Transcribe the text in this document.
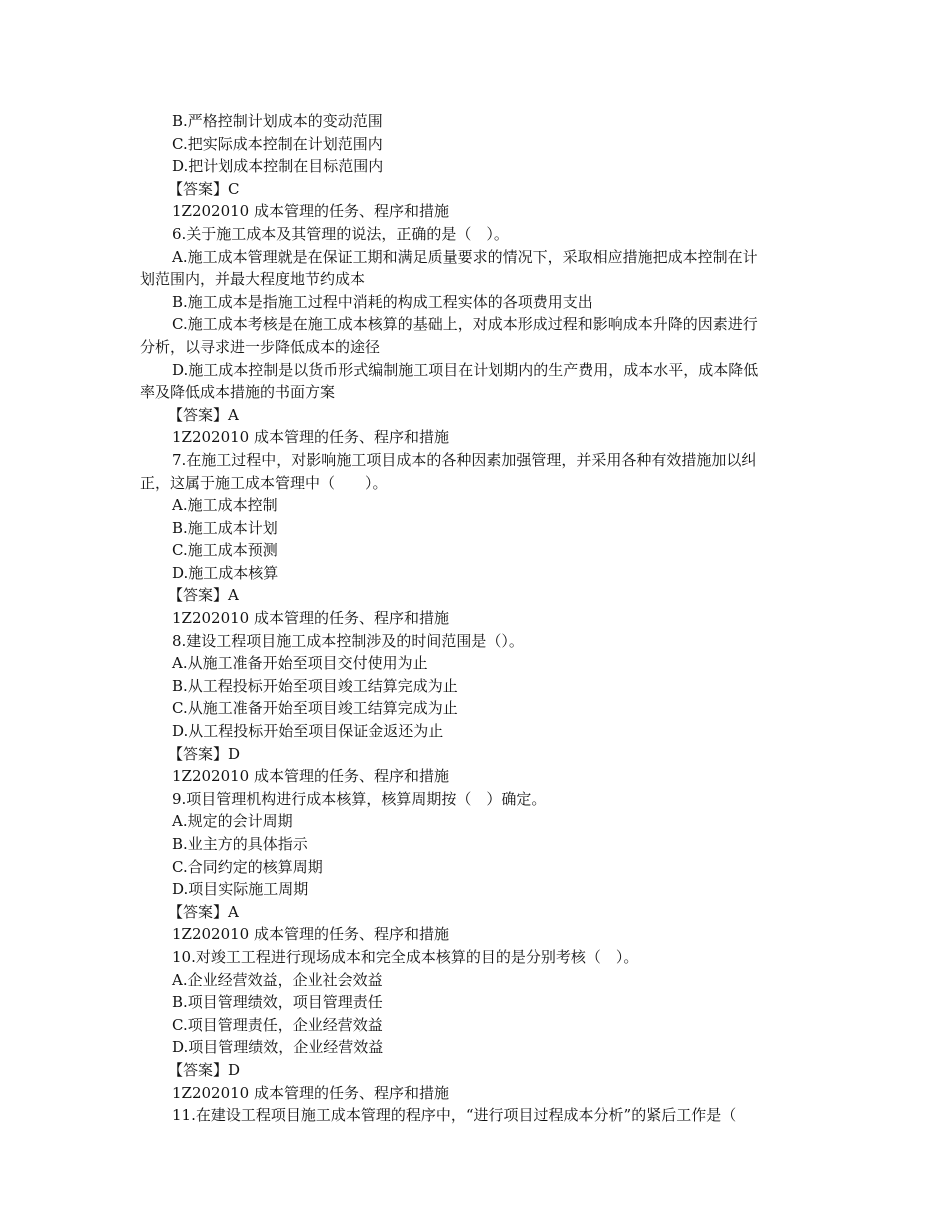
B.严格控制计划成本的变动范围
C.把实际成本控制在计划范围内
D.把计划成本控制在目标范围内
【答案】C
1Z202010 成本管理的任务、程序和措施
6.关于施工成本及其管理的说法，正确的是（　）。
A.施工成本管理就是在保证工期和满足质量要求的情况下，采取相应措施把成本控制在计
划范围内，并最大程度地节约成本
B.施工成本是指施工过程中消耗的构成工程实体的各项费用支出
C.施工成本考核是在施工成本核算的基础上，对成本形成过程和影响成本升降的因素进行
分析，以寻求进一步降低成本的途径
D.施工成本控制是以货币形式编制施工项目在计划期内的生产费用，成本水平，成本降低
率及降低成本措施的书面方案
【答案】A
1Z202010 成本管理的任务、程序和措施
7.在施工过程中，对影响施工项目成本的各种因素加强管理，并采用各种有效措施加以纠
正，这属于施工成本管理中（　　）。
A.施工成本控制
B.施工成本计划
C.施工成本预测
D.施工成本核算
【答案】A
1Z202010 成本管理的任务、程序和措施
8.建设工程项目施工成本控制涉及的时间范围是（）。
A.从施工准备开始至项目交付使用为止
B.从工程投标开始至项目竣工结算完成为止
C.从施工准备开始至项目竣工结算完成为止
D.从工程投标开始至项目保证金返还为止
【答案】D
1Z202010 成本管理的任务、程序和措施
9.项目管理机构进行成本核算，核算周期按（　）确定。
A.规定的会计周期
B.业主方的具体指示
C.合同约定的核算周期
D.项目实际施工周期
【答案】A
1Z202010 成本管理的任务、程序和措施
10.对竣工工程进行现场成本和完全成本核算的目的是分别考核（　）。
A.企业经营效益，企业社会效益
B.项目管理绩效，项目管理责任
C.项目管理责任，企业经营效益
D.项目管理绩效，企业经营效益
【答案】D
1Z202010 成本管理的任务、程序和措施
11.在建设工程项目施工成本管理的程序中，“进行项目过程成本分析”的紧后工作是（
